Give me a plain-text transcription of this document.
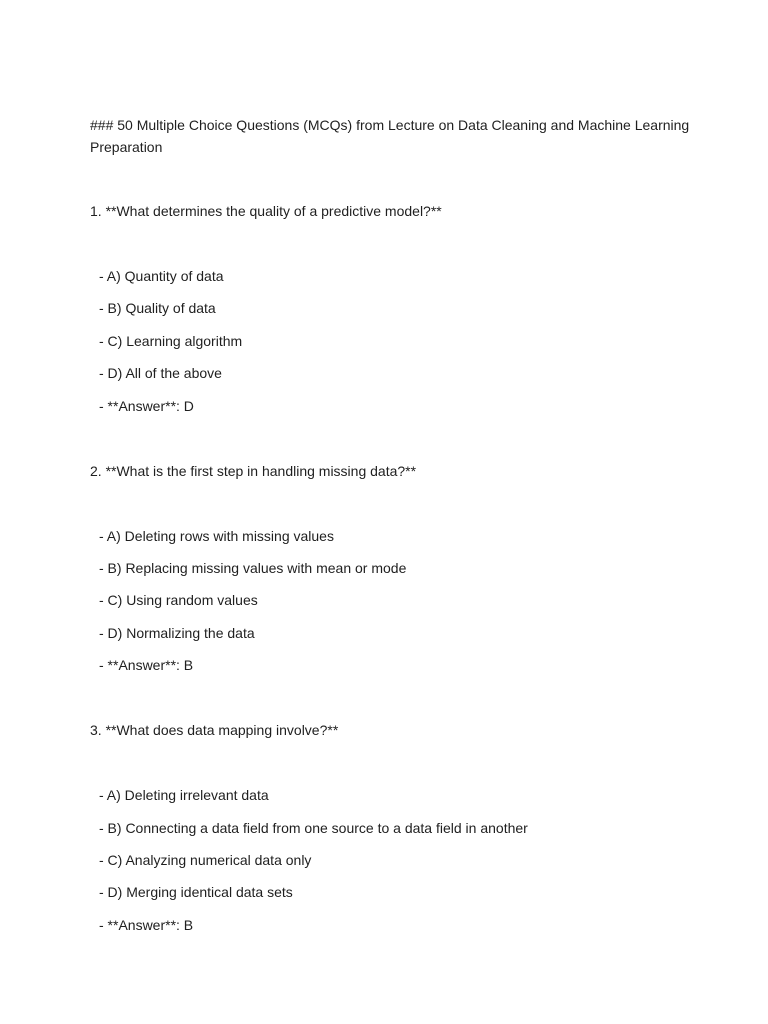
### 50 Multiple Choice Questions (MCQs) from Lecture on Data Cleaning and Machine Learning Preparation

1. **What determines the quality of a predictive model?**

- A) Quantity of data
- B) Quality of data
- C) Learning algorithm
- D) All of the above
- **Answer**: D

2. **What is the first step in handling missing data?**

- A) Deleting rows with missing values
- B) Replacing missing values with mean or mode
- C) Using random values
- D) Normalizing the data
- **Answer**: B

3. **What does data mapping involve?**

- A) Deleting irrelevant data
- B) Connecting a data field from one source to a data field in another
- C) Analyzing numerical data only
- D) Merging identical data sets
- **Answer**: B
